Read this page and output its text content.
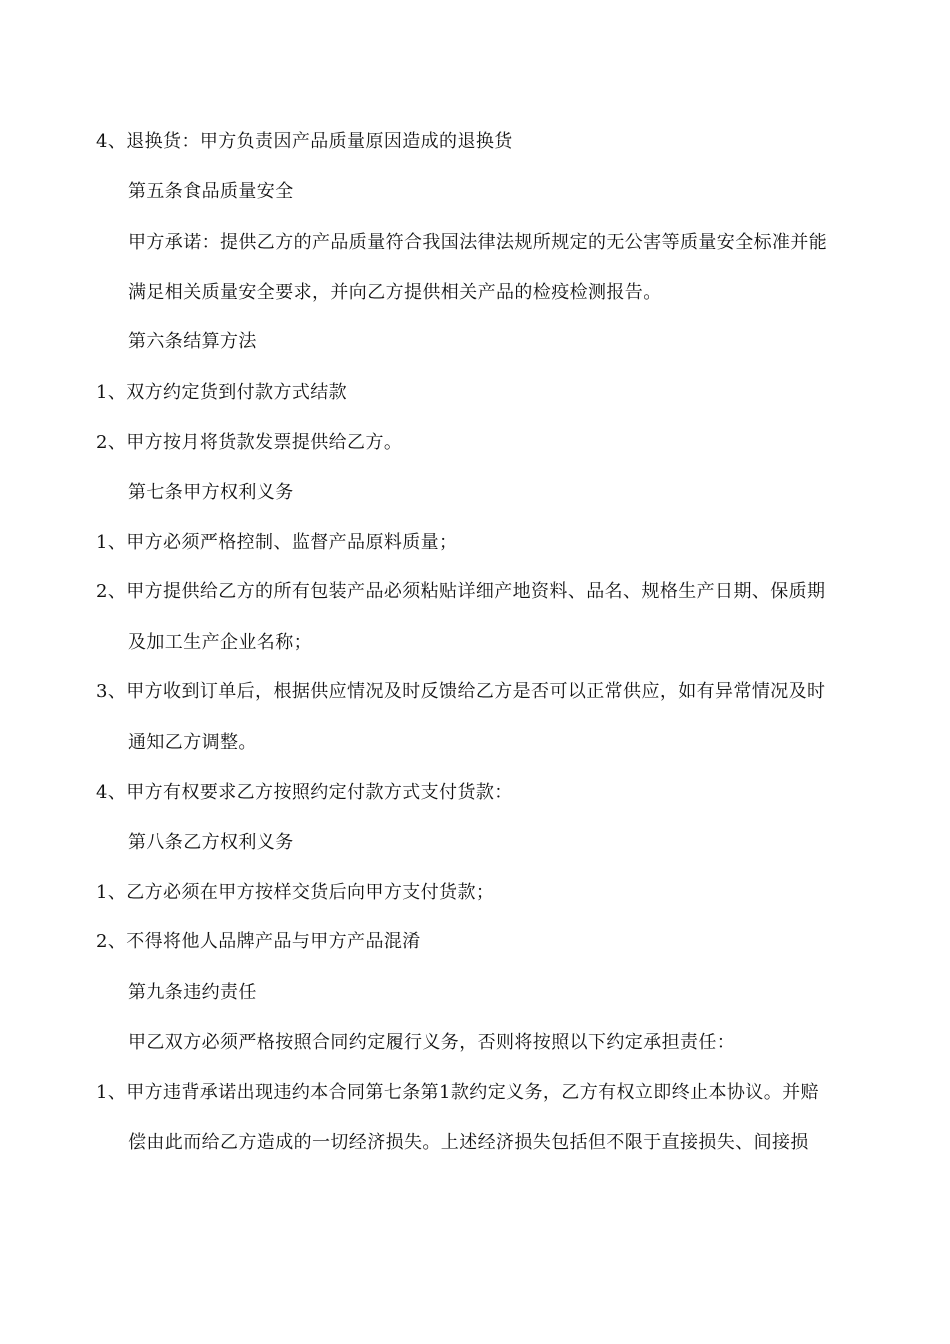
4、退换货：甲方负责因产品质量原因造成的退换货
第五条食品质量安全
甲方承诺：提供乙方的产品质量符合我国法律法规所规定的无公害等质量安全标准并能
满足相关质量安全要求，并向乙方提供相关产品的检疫检测报告。
第六条结算方法
1、双方约定货到付款方式结款
2、甲方按月将货款发票提供给乙方。
第七条甲方权利义务
1、甲方必须严格控制、监督产品原料质量；
2、甲方提供给乙方的所有包装产品必须粘贴详细产地资料、品名、规格生产日期、保质期
及加工生产企业名称；
3、甲方收到订单后，根据供应情况及时反馈给乙方是否可以正常供应，如有异常情况及时
通知乙方调整。
4、甲方有权要求乙方按照约定付款方式支付货款：
第八条乙方权利义务
1、乙方必须在甲方按样交货后向甲方支付货款；
2、不得将他人品牌产品与甲方产品混淆
第九条违约责任
甲乙双方必须严格按照合同约定履行义务，否则将按照以下约定承担责任：
1、甲方违背承诺出现违约本合同第七条第1款约定义务，乙方有权立即终止本协议。并赔
偿由此而给乙方造成的一切经济损失。上述经济损失包括但不限于直接损失、间接损
